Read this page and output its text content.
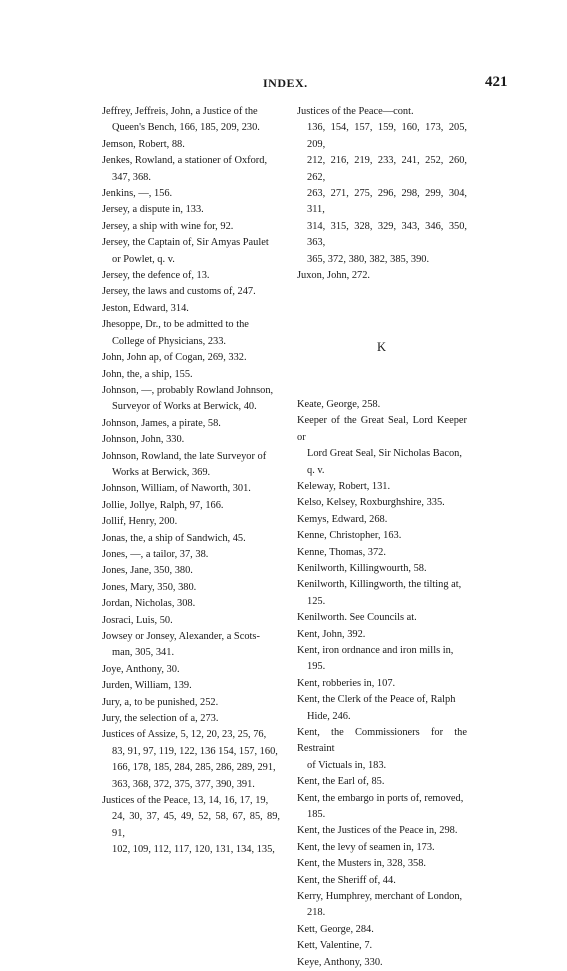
INDEX.	421
Jeffrey, Jeffreis, John, a Justice of the
Queen's Bench, 166, 185, 209, 230.
Jemson, Robert, 88.
Jenkes, Rowland, a stationer of Oxford,
347, 368.
Jenkins, —, 156.
Jersey, a dispute in, 133.
Jersey, a ship with wine for, 92.
Jersey, the Captain of, Sir Amyas Paulet
or Powlet, q. v.
Jersey, the defence of, 13.
Jersey, the laws and customs of, 247.
Jeston, Edward, 314.
Jhesoppe, Dr., to be admitted to the
College of Physicians, 233.
John, John ap, of Cogan, 269, 332.
John, the, a ship, 155.
Johnson, —, probably Rowland Johnson,
Surveyor of Works at Berwick, 40.
Johnson, James, a pirate, 58.
Johnson, John, 330.
Johnson, Rowland, the late Surveyor of
Works at Berwick, 369.
Johnson, William, of Naworth, 301.
Jollie, Jollye, Ralph, 97, 166.
Jollif, Henry, 200.
Jonas, the, a ship of Sandwich, 45.
Jones, —, a tailor, 37, 38.
Jones, Jane, 350, 380.
Jones, Mary, 350, 380.
Jordan, Nicholas, 308.
Josraci, Luis, 50.
Jowsey or Jonsey, Alexander, a Scots-
man, 305, 341.
Joye, Anthony, 30.
Jurden, William, 139.
Jury, a, to be punished, 252.
Jury, the selection of a, 273.
Justices of Assize, 5, 12, 20, 23, 25, 76,
83, 91, 97, 119, 122, 136 154, 157, 160,
166, 178, 185, 284, 285, 286, 289, 291,
363, 368, 372, 375, 377, 390, 391.
Justices of the Peace, 13, 14, 16, 17, 19,
24, 30, 37, 45, 49, 52, 58, 67, 85, 89, 91,
102, 109, 112, 117, 120, 131, 134, 135,
Justices of the Peace—cont.
136, 154, 157, 159, 160, 173, 205, 209,
212, 216, 219, 233, 241, 252, 260, 262,
263, 271, 275, 296, 298, 299, 304, 311,
314, 315, 328, 329, 343, 346, 350, 363,
365, 372, 380, 382, 385, 390.
Juxon, John, 272.
K
Keate, George, 258.
Keeper of the Great Seal, Lord Keeper or
Lord Great Seal, Sir Nicholas Bacon,
q. v.
Keleway, Robert, 131.
Kelso, Kelsey, Roxburghshire, 335.
Kemys, Edward, 268.
Kenne, Christopher, 163.
Kenne, Thomas, 372.
Kenilworth, Killingwourth, 58.
Kenilworth, Killingworth, the tilting at,
125.
Kenilworth. See Councils at.
Kent, John, 392.
Kent, iron ordnance and iron mills in,
195.
Kent, robberies in, 107.
Kent, the Clerk of the Peace of, Ralph
Hide, 246.
Kent, the Commissioners for the Restraint
of Victuals in, 183.
Kent, the Earl of, 85.
Kent, the embargo in ports of, removed,
185.
Kent, the Justices of the Peace in, 298.
Kent, the levy of seamen in, 173.
Kent, the Musters in, 328, 358.
Kent, the Sheriff of, 44.
Kerry, Humphrey, merchant of London,
218.
Kett, George, 284.
Kett, Valentine, 7.
Keye, Anthony, 330.
